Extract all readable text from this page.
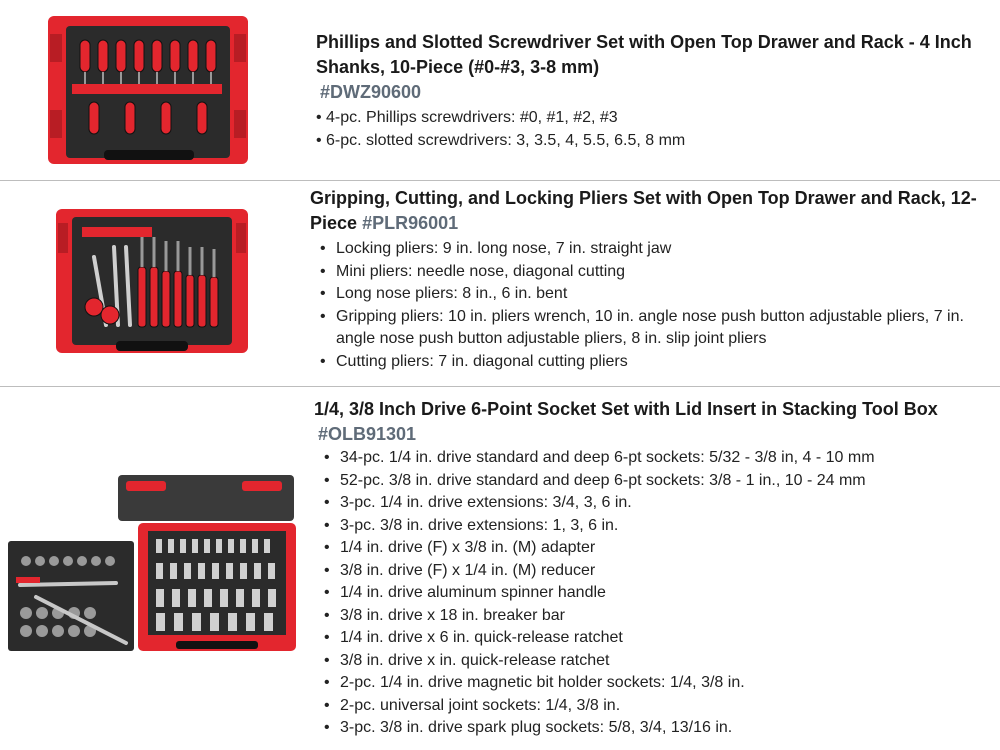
Phillips and Slotted Screwdriver Set with Open Top Drawer and Rack - 4 Inch Shanks, 10-Piece (#0-#3, 3-8 mm)
#DWZ90600
• 4-pc. Phillips screwdrivers: #0, #1, #2, #3
• 6-pc. slotted screwdrivers: 3, 3.5, 4, 5.5, 6.5, 8 mm
Gripping, Cutting, and Locking Pliers Set with Open Top Drawer and Rack, 12-Piece #PLR96001
• Locking pliers: 9 in. long nose, 7 in. straight jaw
• Mini pliers: needle nose, diagonal cutting
• Long nose pliers: 8 in., 6 in. bent
• Gripping pliers: 10 in. pliers wrench, 10 in. angle nose push button adjustable pliers, 7 in. angle nose push button adjustable pliers, 8 in. slip joint pliers
• Cutting pliers: 7 in. diagonal cutting pliers
1/4, 3/8 Inch Drive 6-Point Socket Set with Lid Insert in Stacking Tool Box
#OLB91301
• 34-pc. 1/4 in. drive standard and deep 6-pt sockets: 5/32 - 3/8 in, 4 - 10 mm
• 52-pc. 3/8 in. drive standard and deep 6-pt sockets: 3/8 - 1 in., 10 - 24 mm
• 3-pc. 1/4 in. drive extensions: 3/4, 3, 6 in.
• 3-pc. 3/8 in. drive extensions: 1, 3, 6 in.
• 1/4 in. drive (F) x 3/8 in. (M) adapter
• 3/8 in. drive (F) x 1/4 in. (M) reducer
• 1/4 in. drive aluminum spinner handle
• 3/8 in. drive x 18 in. breaker bar
• 1/4 in. drive x 6 in. quick-release ratchet
• 3/8 in. drive x in. quick-release ratchet
• 2-pc. 1/4 in. drive magnetic bit holder sockets: 1/4, 3/8 in.
• 2-pc. universal joint sockets: 1/4, 3/8 in.
• 3-pc. 3/8 in. drive spark plug sockets: 5/8, 3/4, 13/16 in.
